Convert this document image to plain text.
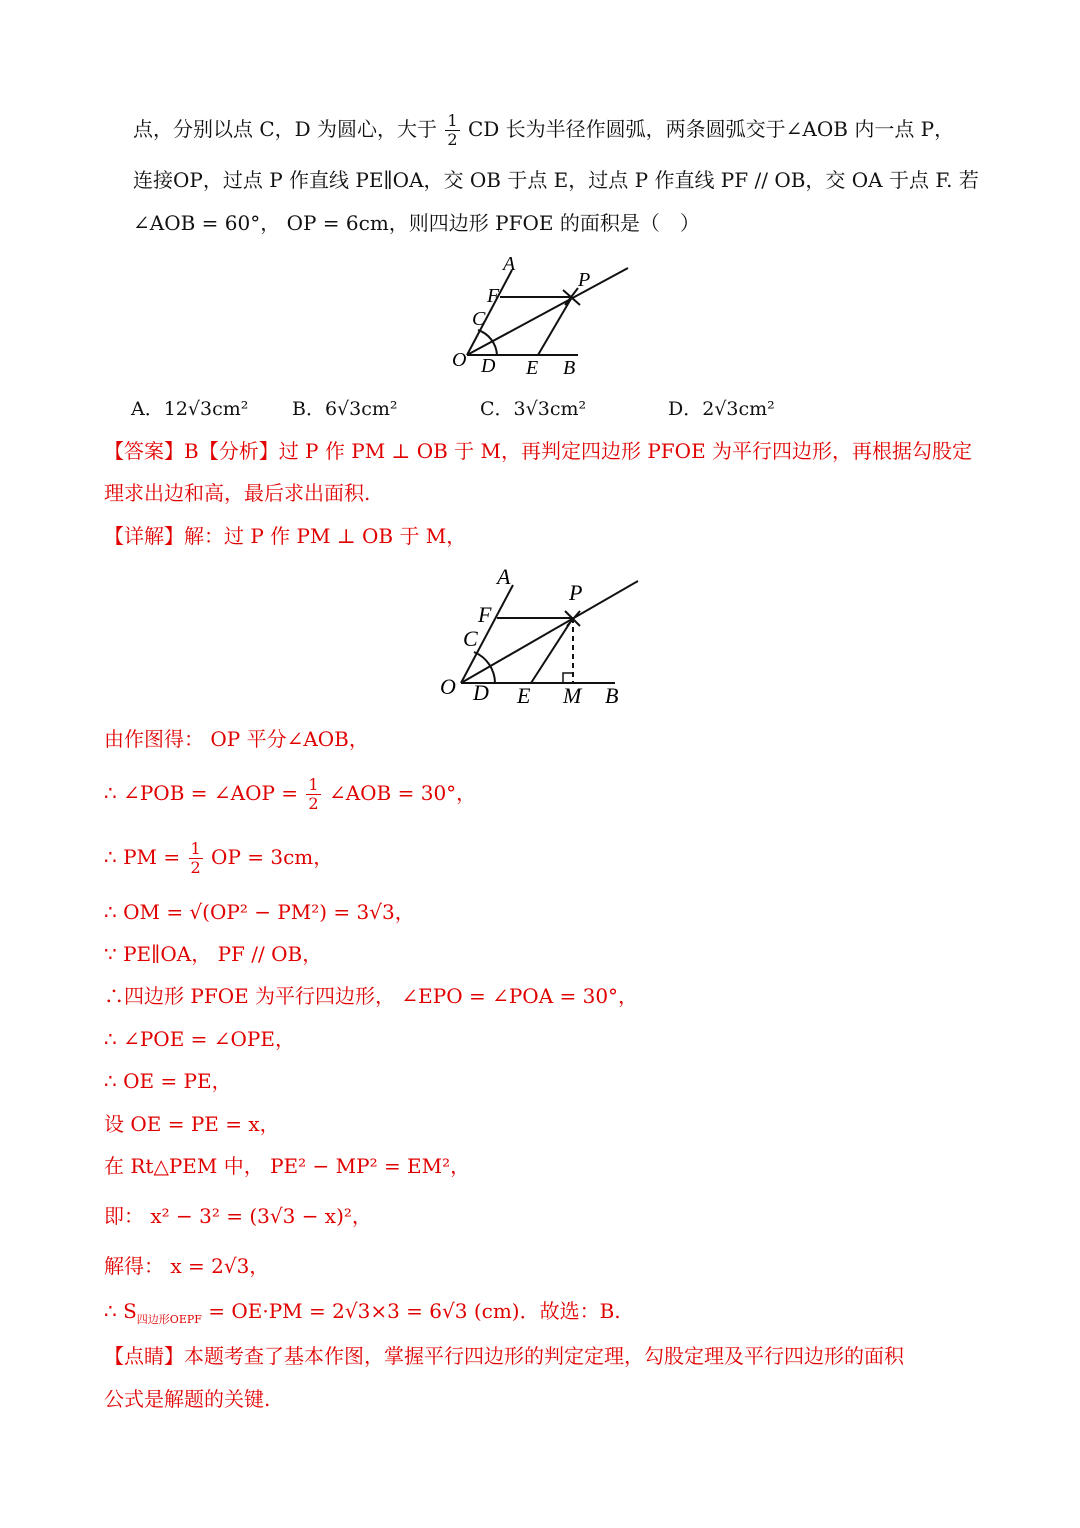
点，分别以点 C，D 为圆心，大于 $\frac{1}{2}$ CD 长为半径作圆弧，两条圆弧交于∠AOB 内一点 P，
连接OP，过点 P 作直线 PE∥OA，交 OB 于点 E，过点 P 作直线 PF // OB，交 OA 于点 F. 若
∠AOB = 60°， OP = 6cm，则四边形 PFOE 的面积是（　）
A
P
F
C
O D E B
A．12√3cm² B．6√3cm²	C．3√3cm²	D．2√3cm²
【答案】B【分析】过 P 作 PM ⊥ OB 于 M，再判定四边形 PFOE 为平行四边形，再根据勾股定
理求出边和高，最后求出面积.
【详解】解：过 P 作 PM ⊥ OB 于 M，
A
P
F
C
O D E M B
由作图得： OP 平分∠AOB，
∴ ∠POB = ∠AOP = $\frac{1}{2}$ ∠AOB = 30°，
∴ PM = $\frac{1}{2}$ OP = 3cm，
∴ OM = √(OP² − PM²) = 3√3，
∵ PE∥OA， PF // OB，
∴四边形 PFOE 为平行四边形， ∠EPO = ∠POA = 30°，
∴ ∠POE = ∠OPE，
∴ OE = PE，
设 OE = PE = x，
在 Rt△PEM 中， PE² − MP² = EM²，
即： x² − 3² = (3√3 − x)²，
解得： x = 2√3，
∴ $S_{四边形OEPF} = OE\cdot PM = 2√3\times 3 = 6√3$ (cm)．故选：B.
【点睛】本题考查了基本作图，掌握平行四边形的判定定理，勾股定理及平行四边形的面积
公式是解题的关键.
